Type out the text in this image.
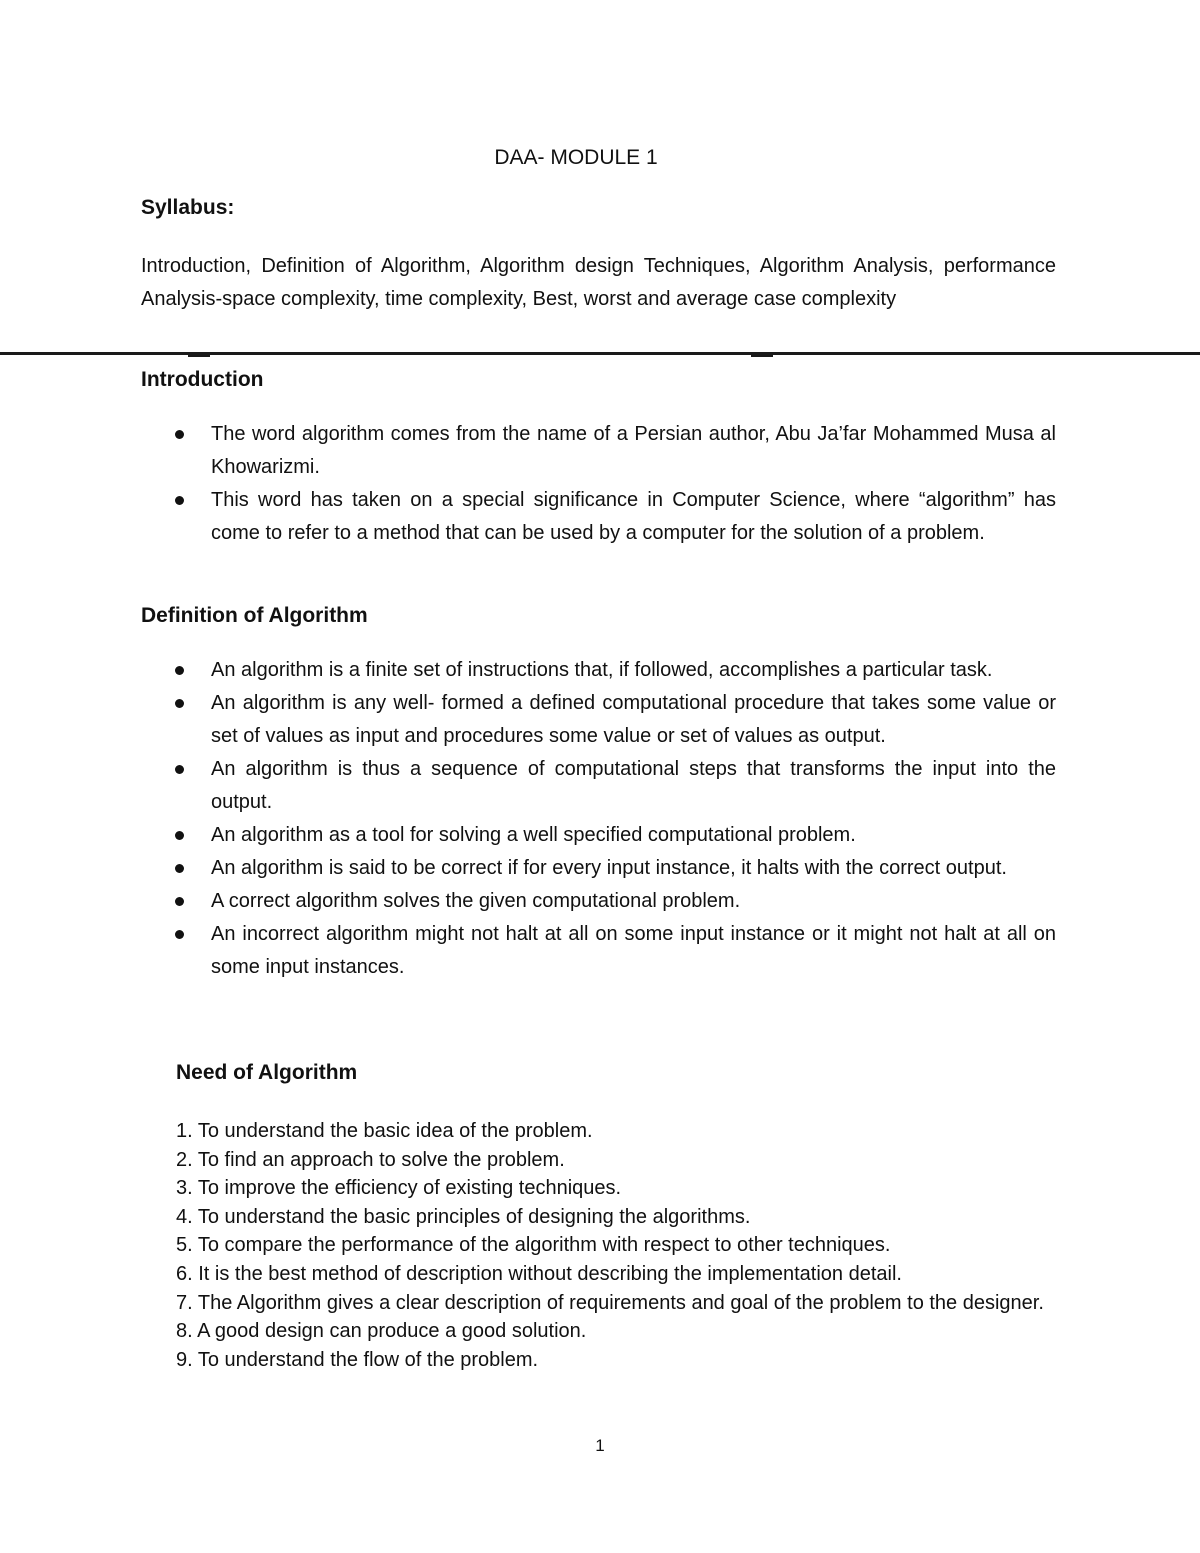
DAA- MODULE 1
Syllabus:
Introduction, Definition of Algorithm, Algorithm design Techniques, Algorithm Analysis, performance Analysis-space complexity, time complexity, Best, worst and average case complexity
Introduction
The word algorithm comes from the name of a Persian author, Abu Ja’far Mohammed Musa al Khowarizmi.
This word has taken on a special significance in Computer Science, where “algorithm” has come to refer to a method that can be used by a computer for the solution of a problem.
Definition of Algorithm
An algorithm is a finite set of instructions that, if followed, accomplishes a particular task.
An algorithm is any well- formed a defined computational procedure that takes some value or set of values as input and procedures some value or set of values as output.
An algorithm is thus a sequence of computational steps that transforms the input into the output.
An algorithm as a tool for solving a well specified computational problem.
An algorithm is said to be correct if for every input instance, it halts with the correct output.
A correct algorithm solves the given computational problem.
An incorrect algorithm might not halt at all on some input instance or it might not halt at all on some input instances.
Need of Algorithm
1. To understand the basic idea of the problem.
2. To find an approach to solve the problem.
3. To improve the efficiency of existing techniques.
4. To understand the basic principles of designing the algorithms.
5. To compare the performance of the algorithm with respect to other techniques.
6. It is the best method of description without describing the implementation detail.
7. The Algorithm gives a clear description of requirements and goal of the problem to the designer.
8. A good design can produce a good solution.
9. To understand the flow of the problem.
1
